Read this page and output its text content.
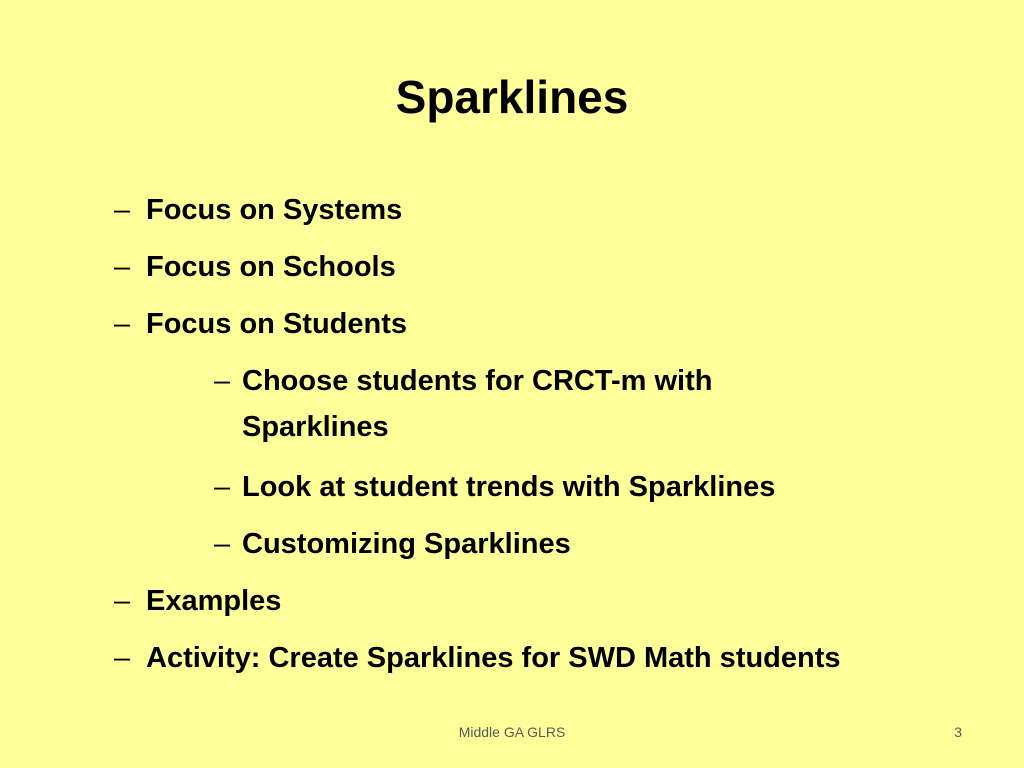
Sparklines
– Focus on Systems
– Focus on Schools
– Focus on Students
– Choose students for CRCT-m with Sparklines
– Look at student trends with Sparklines
– Customizing Sparklines
– Examples
– Activity: Create Sparklines for SWD Math students
Middle GA GLRS	3
